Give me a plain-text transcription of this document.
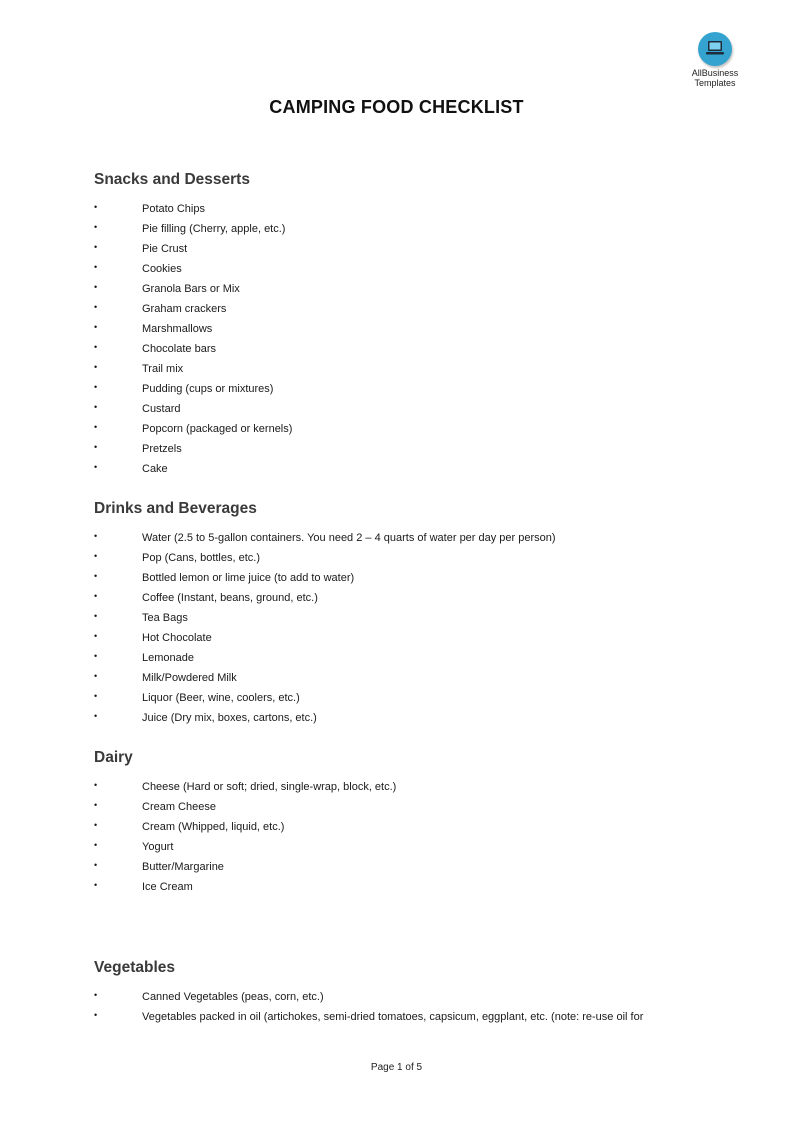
AllBusiness
Templates
CAMPING FOOD CHECKLIST
Snacks and Desserts
•	Potato Chips
•	Pie filling (Cherry, apple, etc.)
•	Pie Crust
•	Cookies
•	Granola Bars or Mix
•	Graham crackers
•	Marshmallows
•	Chocolate bars
•	Trail mix
•	Pudding (cups or mixtures)
•	Custard
•	Popcorn (packaged or kernels)
•	Pretzels
•	Cake
Drinks and Beverages
•	Water (2.5 to 5-gallon containers. You need 2 – 4 quarts of water per day per person)
•	Pop (Cans, bottles, etc.)
•	Bottled lemon or lime juice (to add to water)
•	Coffee (Instant, beans, ground, etc.)
•	Tea Bags
•	Hot Chocolate
•	Lemonade
•	Milk/Powdered Milk
•	Liquor (Beer, wine, coolers, etc.)
•	Juice (Dry mix, boxes, cartons, etc.)
Dairy
•	Cheese (Hard or soft; dried, single-wrap, block, etc.)
•	Cream Cheese
•	Cream (Whipped, liquid, etc.)
•	Yogurt
•	Butter/Margarine
•	Ice Cream
Vegetables
•	Canned Vegetables (peas, corn, etc.)
•	Vegetables packed in oil (artichokes, semi-dried tomatoes, capsicum, eggplant, etc. (note: re-use oil for
Page 1 of 5
